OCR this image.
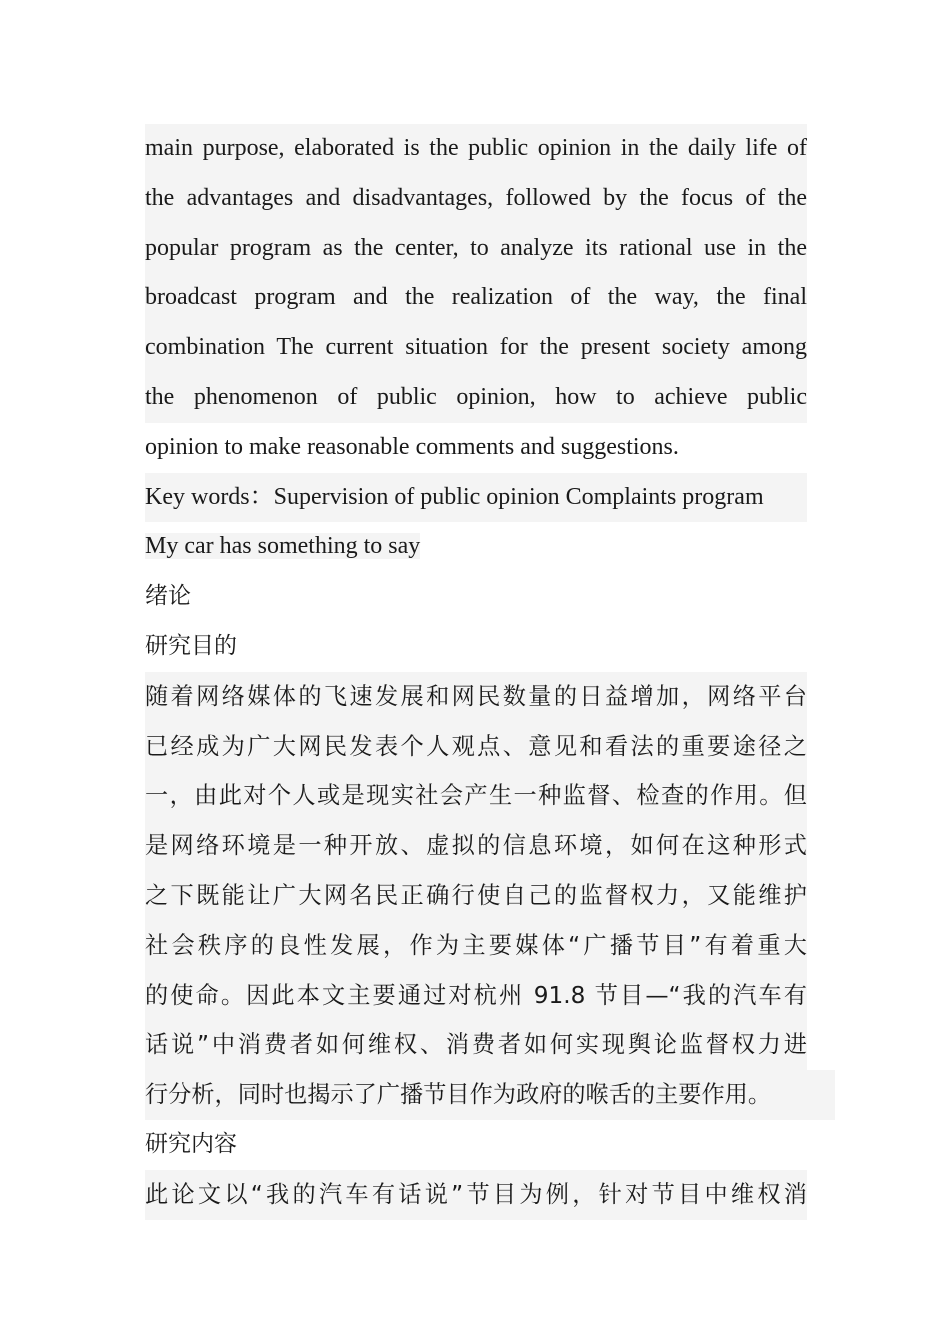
main purpose, elaborated is the public opinion in the daily life of
the advantages and disadvantages, followed by the focus of the
popular program as the center, to analyze its rational use in the
broadcast program and the realization of the way, the final
combination The current situation for the present society among
the phenomenon of public opinion, how to achieve public
opinion to make reasonable comments and suggestions.

Key words：Supervision of public opinion Complaints program
My car has something to say

绪论

研究目的

随着网络媒体的飞速发展和网民数量的日益增加，网络平台
已经成为广大网民发表个人观点、意见和看法的重要途径之
一，由此对个人或是现实社会产生一种监督、检查的作用。但
是网络环境是一种开放、虚拟的信息环境，如何在这种形式
之下既能让广大网名民正确行使自己的监督权力，又能维护
社会秩序的良性发展，作为主要媒体“广播节目”有着重大
的使命。因此本文主要通过对杭州 91.8 节目—“我的汽车有
话说”中消费者如何维权、消费者如何实现舆论监督权力进
行分析，同时也揭示了广播节目作为政府的喉舌的主要作用。

研究内容

此论文以“我的汽车有话说”节目为例，针对节目中维权消
